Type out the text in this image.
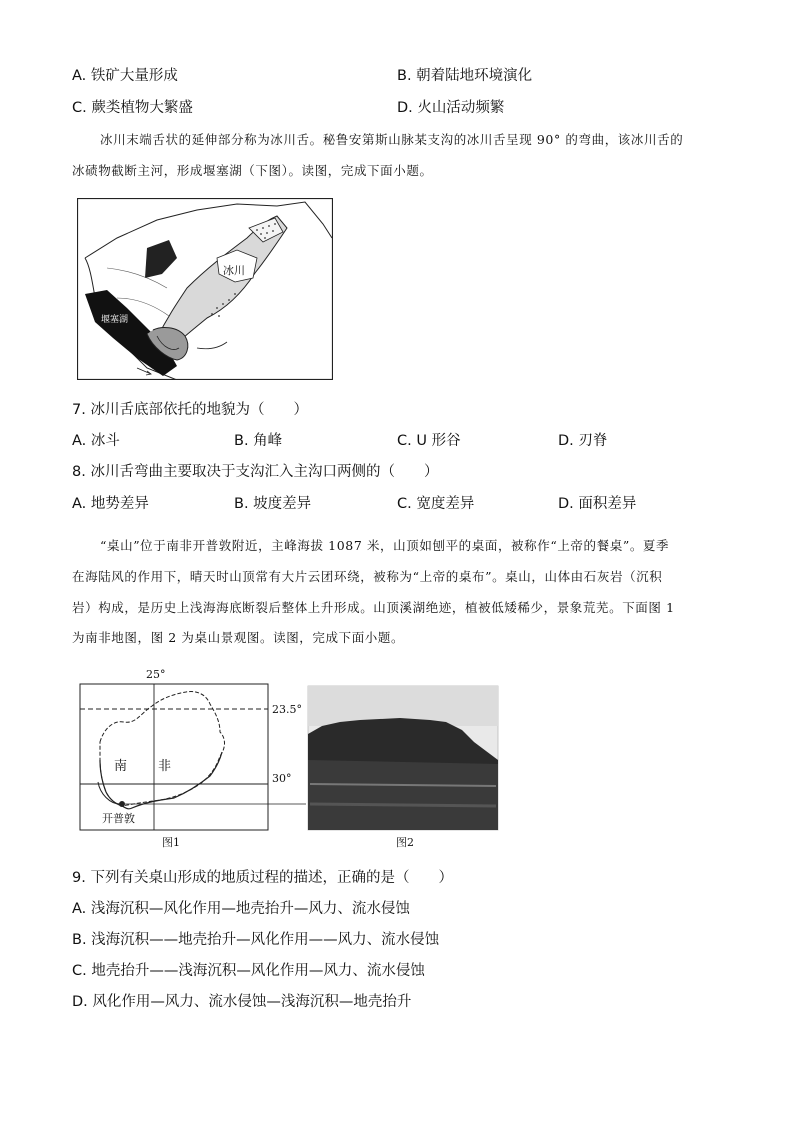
A. 铁矿大量形成	B. 朝着陆地环境演化
C. 蕨类植物大繁盛	D. 火山活动频繁
冰川末端舌状的延伸部分称为冰川舌。秘鲁安第斯山脉某支沟的冰川舌呈现 90° 的弯曲，该冰川舌的
冰碛物截断主河，形成堰塞湖（下图）。读图，完成下面小题。
冰川
堰塞湖
7. 冰川舌底部依托的地貌为（　　）
A. 冰斗	B. 角峰	C. U 形谷	D. 刃脊
8. 冰川舌弯曲主要取决于支沟汇入主沟口两侧的（　　）
A. 地势差异	B. 坡度差异	C. 宽度差异	D. 面积差异
“桌山”位于南非开普敦附近，主峰海拔 1087 米，山顶如刨平的桌面，被称作“上帝的餐桌”。夏季
在海陆风的作用下，晴天时山顶常有大片云团环绕，被称为“上帝的桌布”。桌山，山体由石灰岩（沉积
岩）构成，是历史上浅海海底断裂后整体上升形成。山顶溪湖绝迹，植被低矮稀少，景象荒芜。下面图 1
为南非地图，图 2 为桌山景观图。读图，完成下面小题。
25°
23.5°
30°
南 非
开普敦
图1	图2
9. 下列有关桌山形成的地质过程的描述，正确的是（　　）
A. 浅海沉积—风化作用—地壳抬升—风力、流水侵蚀
B. 浅海沉积——地壳抬升—风化作用——风力、流水侵蚀
C. 地壳抬升——浅海沉积—风化作用—风力、流水侵蚀
D. 风化作用—风力、流水侵蚀—浅海沉积—地壳抬升
